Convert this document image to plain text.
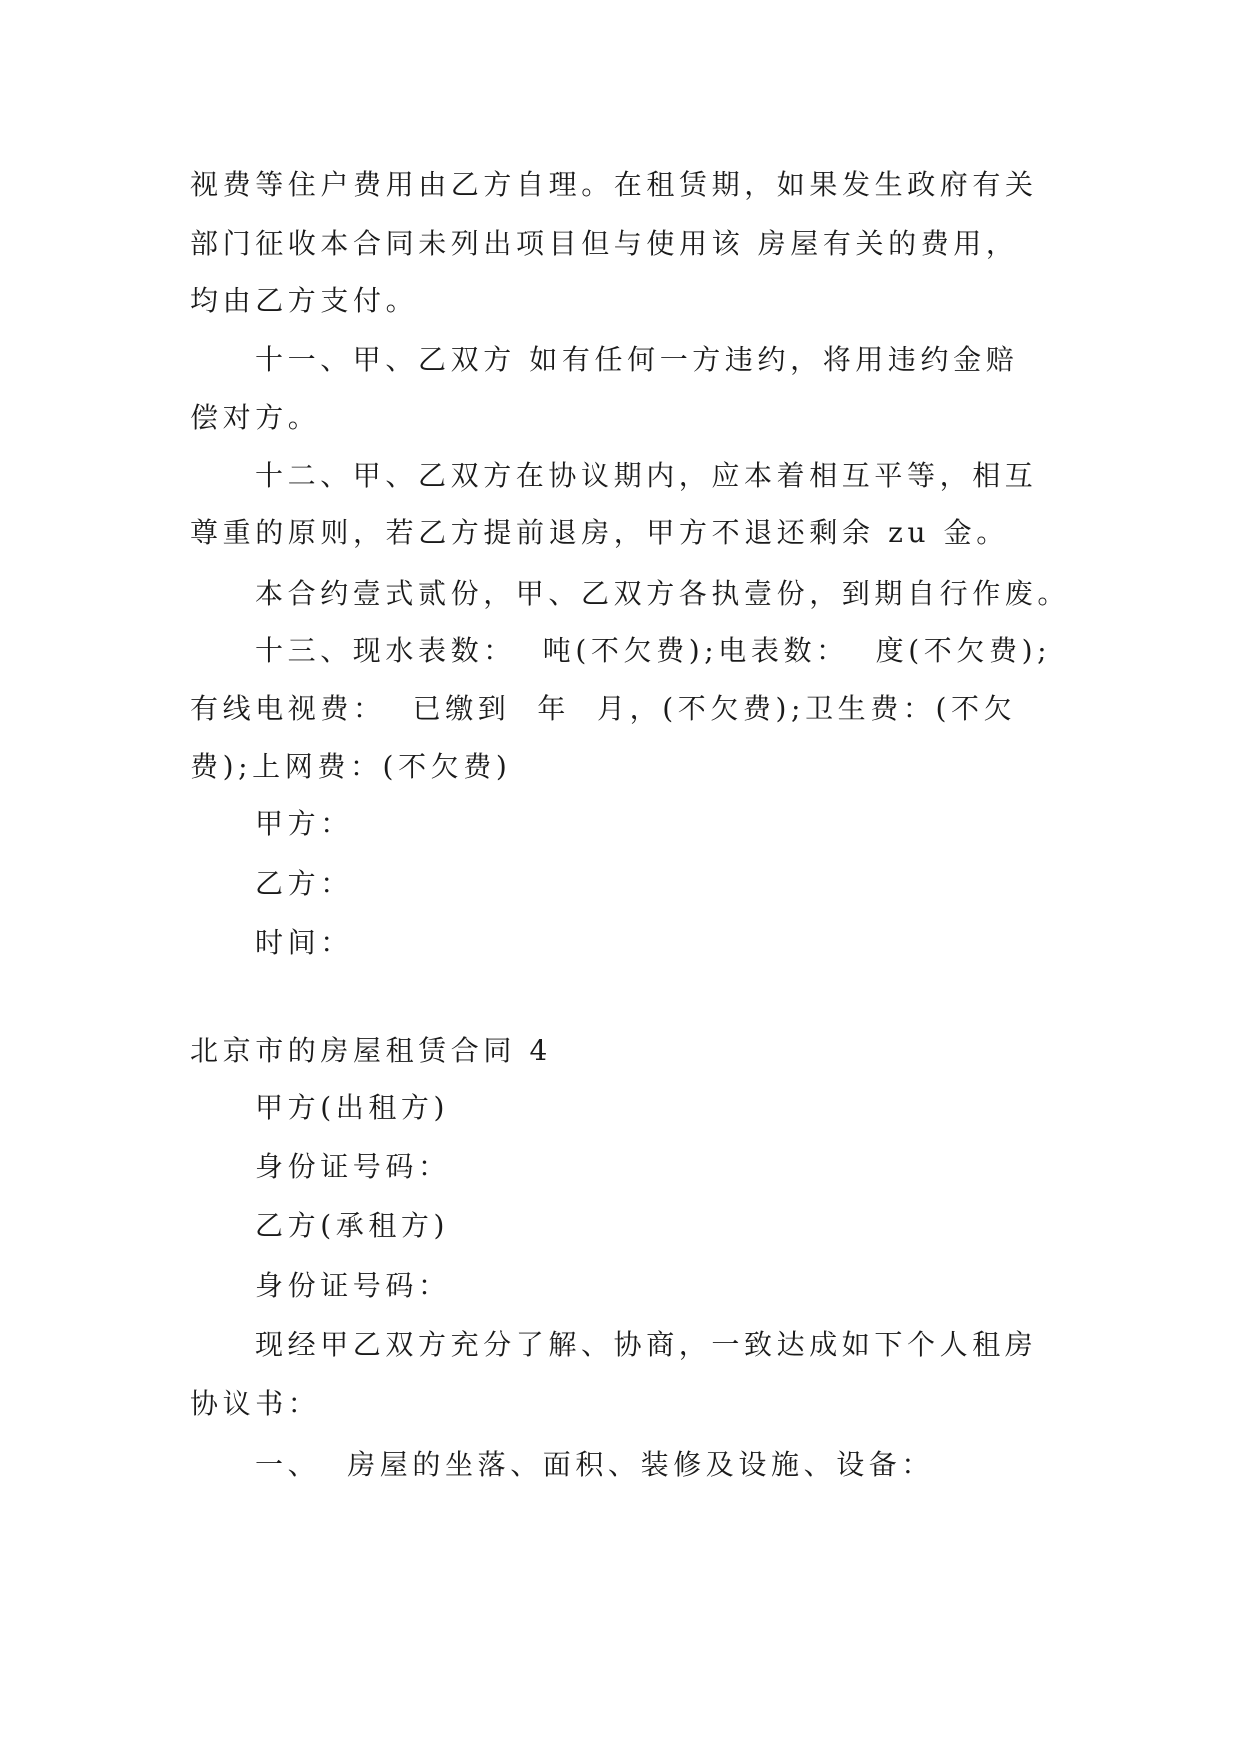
视费等住户费用由乙方自理。在租赁期，如果发生政府有关
部门征收本合同未列出项目但与使用该 房屋有关的费用，
均由乙方支付。
十一、甲、乙双方 如有任何一方违约，将用违约金赔
偿对方。
十二、甲、乙双方在协议期内，应本着相互平等，相互
尊重的原则，若乙方提前退房，甲方不退还剩余 zu 金。
本合约壹式贰份，甲、乙双方各执壹份，到期自行作废。
十三、现水表数：  吨(不欠费);电表数：  度(不欠费);
有线电视费：  已缴到  年  月，(不欠费);卫生费：(不欠
费);上网费：(不欠费)
甲方：
乙方：
时间：
北京市的房屋租赁合同 4
甲方(出租方)
身份证号码：
乙方(承租方)
身份证号码：
现经甲乙双方充分了解、协商，一致达成如下个人租房
协议书：
一、  房屋的坐落、面积、装修及设施、设备：
